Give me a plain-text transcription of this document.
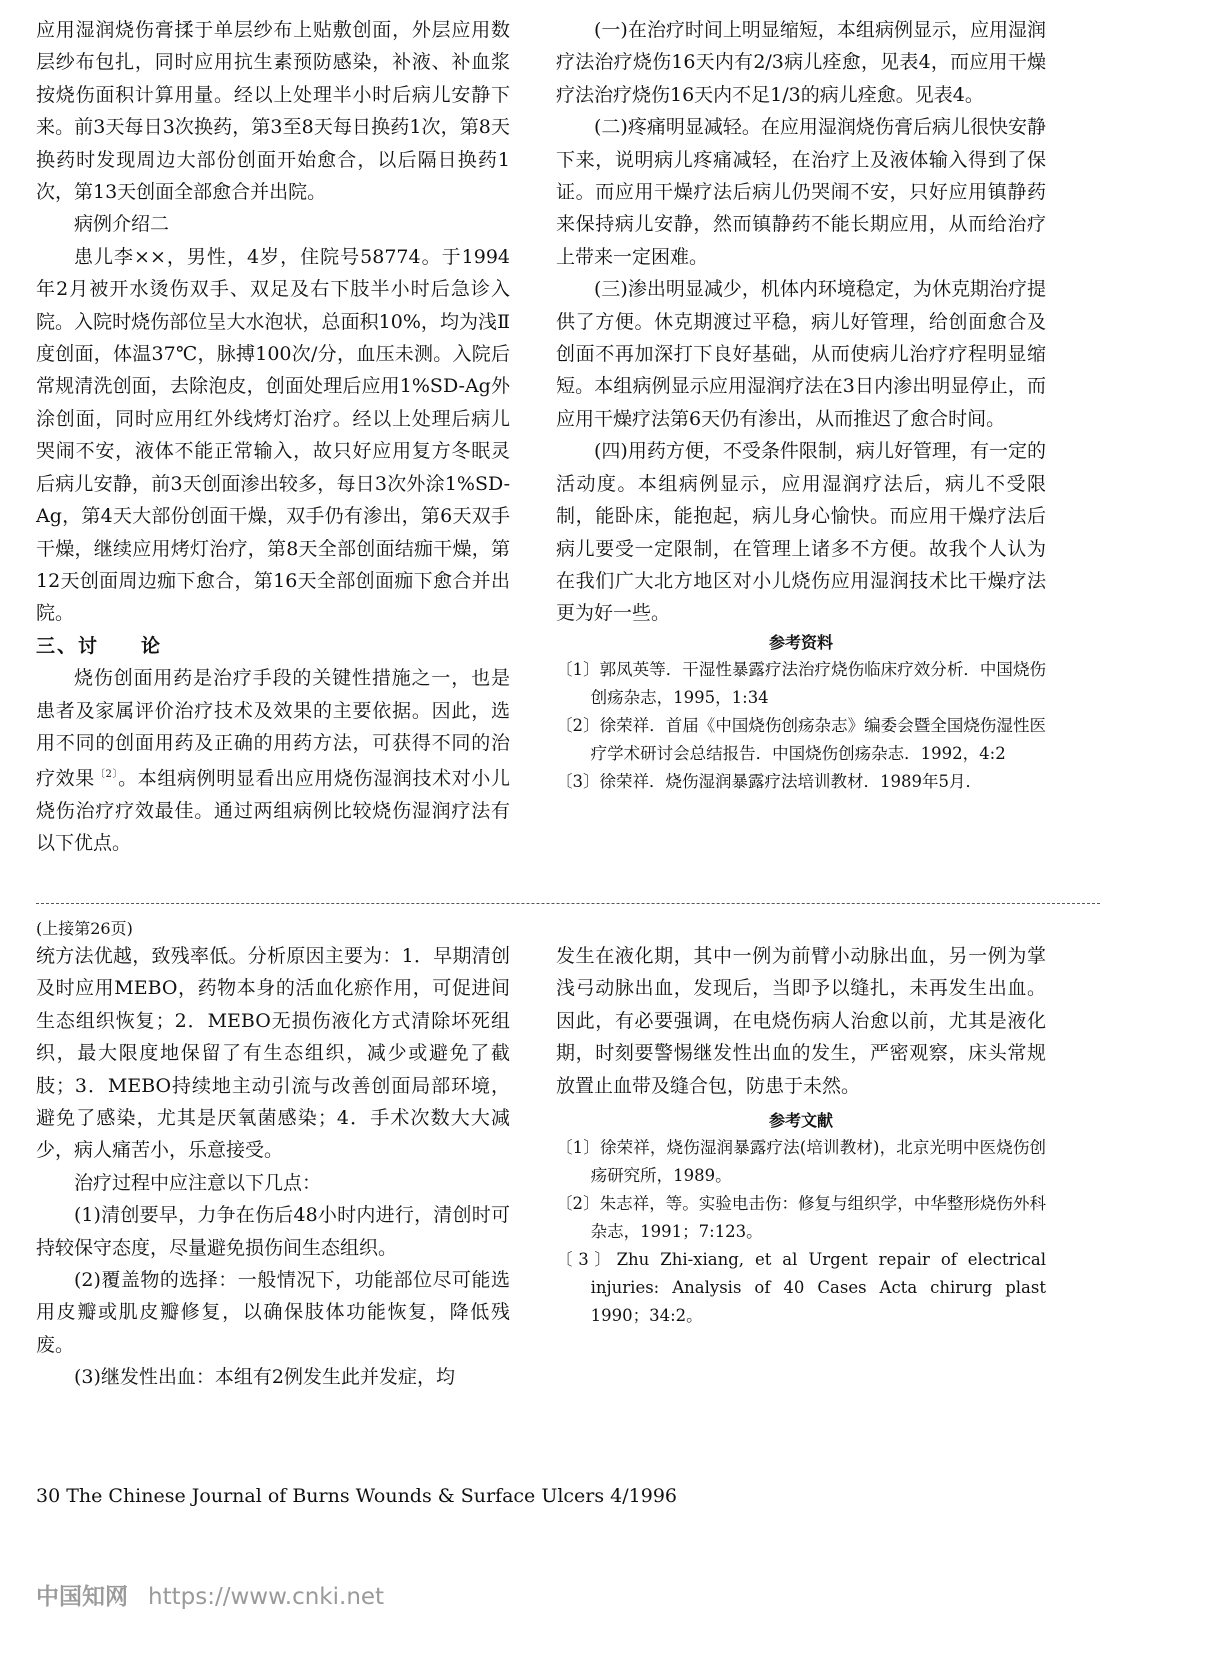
应用湿润烧伤膏揉于单层纱布上贴敷创面，外层应用数层纱布包扎，同时应用抗生素预防感染，补液、补血浆按烧伤面积计算用量。经以上处理半小时后病儿安静下来。前3天每日3次换药，第3至8天每日换药1次，第8天换药时发现周边大部份创面开始愈合，以后隔日换药1次，第13天创面全部愈合并出院。

病例介绍二

患儿李××，男性，4岁，住院号58774。于1994年2月被开水烫伤双手、双足及右下肢半小时后急诊入院。入院时烧伤部位呈大水泡状，总面积10%，均为浅Ⅱ度创面，体温37℃，脉搏100次/分，血压未测。入院后常规清洗创面，去除泡皮，创面处理后应用1%SD-Ag外涂创面，同时应用红外线烤灯治疗。经以上处理后病儿哭闹不安，液体不能正常输入，故只好应用复方冬眠灵后病儿安静，前3天创面渗出较多，每日3次外涂1%SD-Ag，第4天大部份创面干燥，双手仍有渗出，第6天双手干燥，继续应用烤灯治疗，第8天全部创面结痂干燥，第12天创面周边痂下愈合，第16天全部创面痂下愈合并出院。

三、讨　　论

烧伤创面用药是治疗手段的关键性措施之一，也是患者及家属评价治疗技术及效果的主要依据。因此，选用不同的创面用药及正确的用药方法，可获得不同的治疗效果$^{〔2〕}$。本组病例明显看出应用烧伤湿润技术对小儿烧伤治疗疗效最佳。通过两组病例比较烧伤湿润疗法有以下优点。

(一)在治疗时间上明显缩短，本组病例显示，应用湿润疗法治疗烧伤16天内有2/3病儿痊愈，见表4，而应用干燥疗法治疗烧伤16天内不足1/3的病儿痊愈。见表4。

(二)疼痛明显减轻。在应用湿润烧伤膏后病儿很快安静下来，说明病儿疼痛减轻，在治疗上及液体输入得到了保证。而应用干燥疗法后病儿仍哭闹不安，只好应用镇静药来保持病儿安静，然而镇静药不能长期应用，从而给治疗上带来一定困难。

(三)渗出明显减少，机体内环境稳定，为休克期治疗提供了方便。休克期渡过平稳，病儿好管理，给创面愈合及创面不再加深打下良好基础，从而使病儿治疗疗程明显缩短。本组病例显示应用湿润疗法在3日内渗出明显停止，而应用干燥疗法第6天仍有渗出，从而推迟了愈合时间。

(四)用药方便，不受条件限制，病儿好管理，有一定的活动度。本组病例显示，应用湿润疗法后，病儿不受限制，能卧床，能抱起，病儿身心愉快。而应用干燥疗法后病儿要受一定限制，在管理上诸多不方便。故我个人认为在我们广大北方地区对小儿烧伤应用湿润技术比干燥疗法更为好一些。

参考资料

〔1〕郭凤英等．干湿性暴露疗法治疗烧伤临床疗效分析．中国烧伤创疡杂志，1995，1:34

〔2〕徐荣祥．首届《中国烧伤创疡杂志》编委会暨全国烧伤湿性医疗学术研讨会总结报告．中国烧伤创疡杂志．1992，4:2

〔3〕徐荣祥．烧伤湿润暴露疗法培训教材．1989年5月．

(上接第26页)

统方法优越，致残率低。分析原因主要为：1．早期清创及时应用MEBO，药物本身的活血化瘀作用，可促进间生态组织恢复；2．MEBO无损伤液化方式清除坏死组织，最大限度地保留了有生态组织，减少或避免了截肢；3．MEBO持续地主动引流与改善创面局部环境，避免了感染，尤其是厌氧菌感染；4．手术次数大大减少，病人痛苦小，乐意接受。

治疗过程中应注意以下几点：

(1)清创要早，力争在伤后48小时内进行，清创时可持较保守态度，尽量避免损伤间生态组织。

(2)覆盖物的选择：一般情况下，功能部位尽可能选用皮瓣或肌皮瓣修复，以确保肢体功能恢复，降低残废。

(3)继发性出血：本组有2例发生此并发症，均

发生在液化期，其中一例为前臂小动脉出血，另一例为掌浅弓动脉出血，发现后，当即予以缝扎，未再发生出血。因此，有必要强调，在电烧伤病人治愈以前，尤其是液化期，时刻要警惕继发性出血的发生，严密观察，床头常规放置止血带及缝合包，防患于未然。

参考文献

〔1〕徐荣祥，烧伤湿润暴露疗法(培训教材)，北京光明中医烧伤创疡研究所，1989。

〔2〕朱志祥，等。实验电击伤：修复与组织学，中华整形烧伤外科杂志，1991；7:123。

〔3〕Zhu Zhi-xiang, et al Urgent repair of electrical injuries: Analysis of 40 Cases Acta chirurg plast 1990；34:2。

30 The Chinese Journal of Burns Wounds & Surface Ulcers 4/1996
中国知网 https://www.cnki.net
